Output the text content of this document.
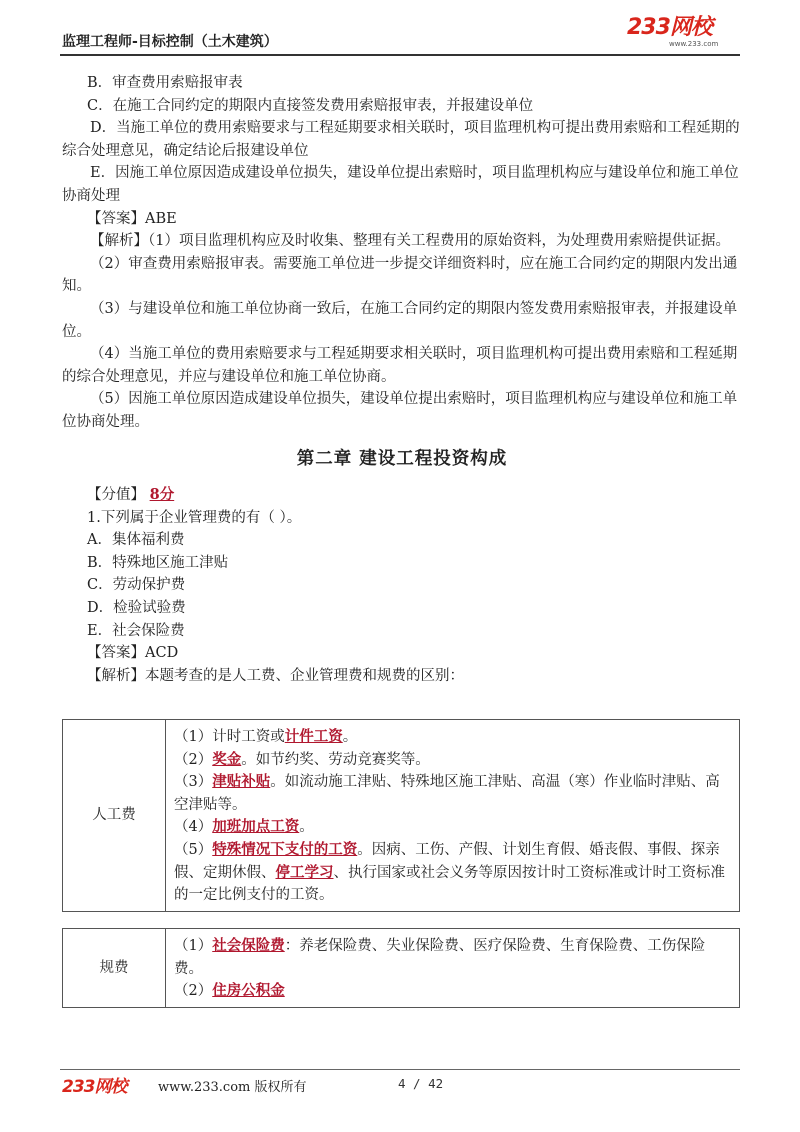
监理工程师-目标控制（土木建筑）
233网校
www.233.com

B．审查费用索赔报审表

C．在施工合同约定的期限内直接签发费用索赔报审表，并报建设单位

D．当施工单位的费用索赔要求与工程延期要求相关联时，项目监理机构可提出费用索赔和工程延期的综合处理意见，确定结论后报建设单位

E．因施工单位原因造成建设单位损失，建设单位提出索赔时，项目监理机构应与建设单位和施工单位协商处理

【答案】ABE

【解析】（1）项目监理机构应及时收集、整理有关工程费用的原始资料，为处理费用索赔提供证据。

（2）审查费用索赔报审表。需要施工单位进一步提交详细资料时，应在施工合同约定的期限内发出通知。

（3）与建设单位和施工单位协商一致后，在施工合同约定的期限内签发费用索赔报审表，并报建设单位。

（4）当施工单位的费用索赔要求与工程延期要求相关联时，项目监理机构可提出费用索赔和工程延期的综合处理意见，并应与建设单位和施工单位协商。

（5）因施工单位原因造成建设单位损失，建设单位提出索赔时，项目监理机构应与建设单位和施工单位协商处理。

第二章 建设工程投资构成

【分值】 8分

1.下列属于企业管理费的有（ ）。

A．集体福利费

B．特殊地区施工津贴

C．劳动保护费

D．检验试验费

E．社会保险费

【答案】ACD

【解析】本题考查的是人工费、企业管理费和规费的区别：

人工费	
（1）计时工资或计件工资。
（2）奖金。如节约奖、劳动竞赛奖等。
（3）津贴补贴。如流动施工津贴、特殊地区施工津贴、高温（寒）作业临时津贴、高空津贴等。
（4）加班加点工资。
（5）特殊情况下支付的工资。因病、工伤、产假、计划生育假、婚丧假、事假、探亲假、定期休假、停工学习、执行国家或社会义务等原因按计时工资标准或计时工资标准的一定比例支付的工资。
规费	
（1）社会保险费：养老保险费、失业保险费、医疗保险费、生育保险费、工伤保险费。
（2）住房公积金
233网校 www.233.com 版权所有	4 / 42
